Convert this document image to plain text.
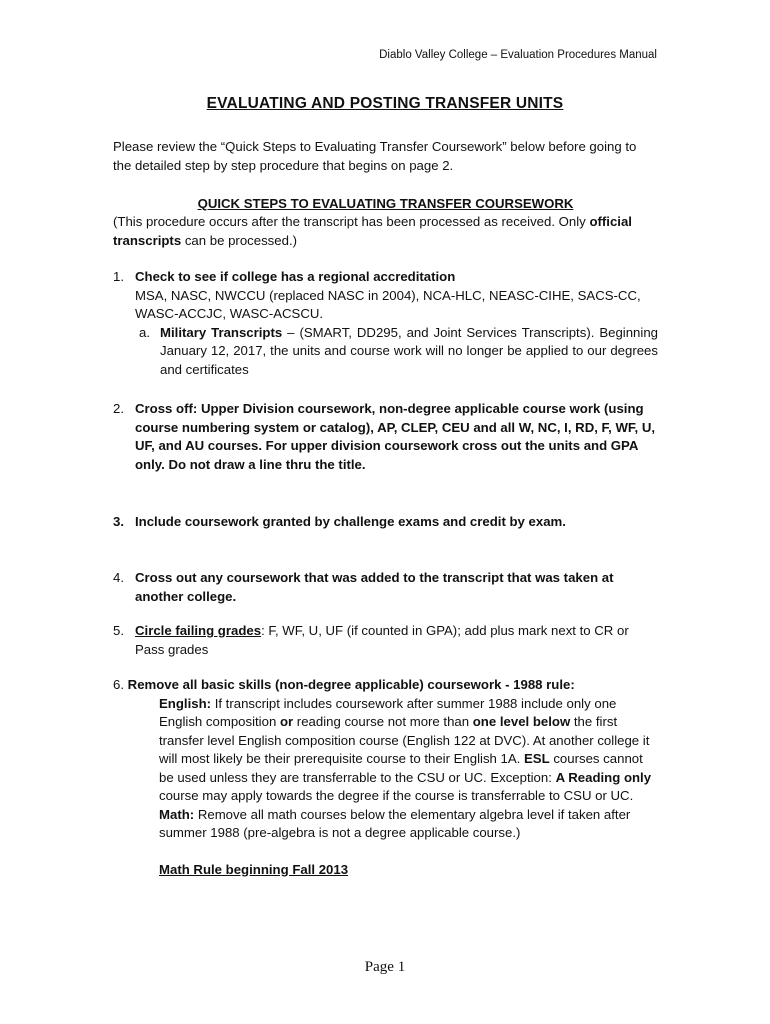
Diablo Valley College – Evaluation Procedures Manual
EVALUATING AND POSTING TRANSFER UNITS
Please review the “Quick Steps to Evaluating Transfer Coursework” below before going to the detailed step by step procedure that begins on page 2.
QUICK STEPS TO EVALUATING TRANSFER COURSEWORK
(This procedure occurs after the transcript has been processed as received. Only official transcripts can be processed.)
1. Check to see if college has a regional accreditation
MSA, NASC, NWCCU (replaced NASC in 2004), NCA-HLC, NEASC-CIHE, SACS-CC, WASC-ACCJC, WASC-ACSCU.
a. Military Transcripts – (SMART, DD295, and Joint Services Transcripts). Beginning January 12, 2017, the units and course work will no longer be applied to our degrees and certificates
2. Cross off: Upper Division coursework, non-degree applicable course work (using course numbering system or catalog), AP, CLEP, CEU and all W, NC, I, RD, F, WF, U, UF, and AU courses. For upper division coursework cross out the units and GPA only. Do not draw a line thru the title.
3. Include coursework granted by challenge exams and credit by exam.
4. Cross out any coursework that was added to the transcript that was taken at another college.
5. Circle failing grades: F, WF, U, UF (if counted in GPA); add plus mark next to CR or Pass grades
6. Remove all basic skills (non-degree applicable) coursework - 1988 rule:
English: If transcript includes coursework after summer 1988 include only one English composition or reading course not more than one level below the first transfer level English composition course (English 122 at DVC). At another college it will most likely be their prerequisite course to their English 1A. ESL courses cannot be used unless they are transferrable to the CSU or UC. Exception: A Reading only course may apply towards the degree if the course is transferrable to CSU or UC.
Math: Remove all math courses below the elementary algebra level if taken after summer 1988 (pre-algebra is not a degree applicable course.)
Math Rule beginning Fall 2013
Page 1
